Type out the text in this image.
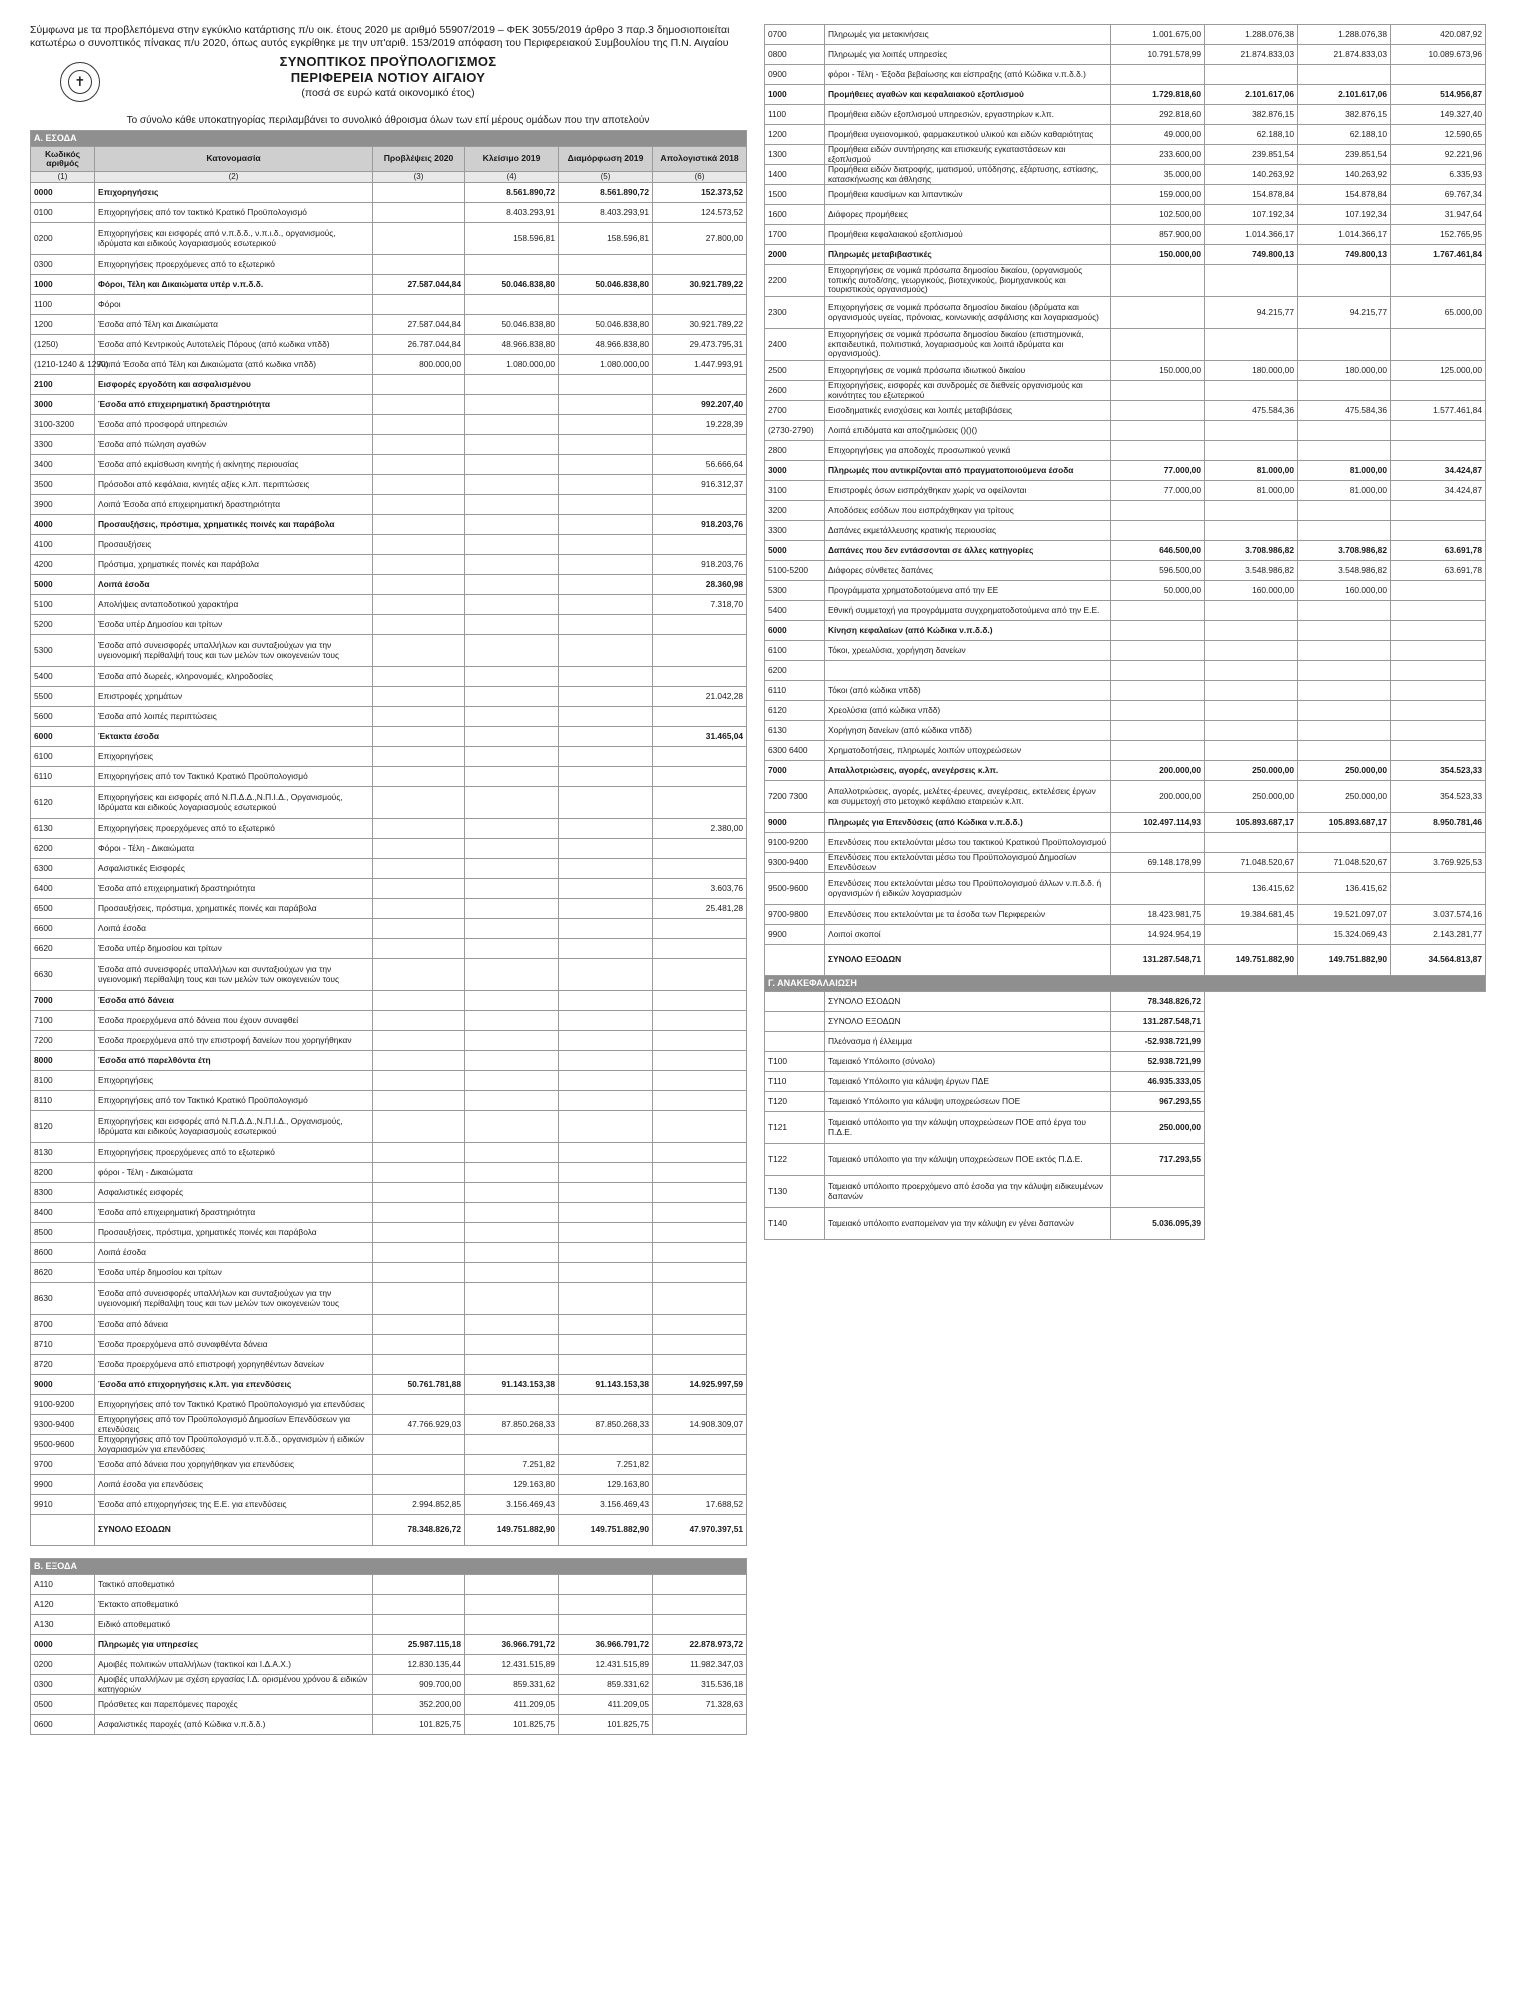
Σύμφωνα με τα προβλεπόμενα στην εγκύκλιο κατάρτισης π/υ οικ. έτους 2020 με αριθμό 55907/2019 – ΦΕΚ 3055/2019 άρθρο 3 παρ.3 δημοσιοποιείται κατωτέρω ο συνοπτικός πίνακας π/υ 2020, όπως αυτός εγκρίθηκε με την υπ'αριθ. 153/2019 απόφαση του Περιφερειακού Συμβουλίου της Π.Ν. Αιγαίου

✝
ΣΥΝΟΠΤΙΚΟΣ ΠΡΟΫΠΟΛΟΓΙΣΜΟΣ
ΠΕΡΙΦΕΡΕΙΑ ΝΟΤΙΟΥ ΑΙΓΑΙΟΥ
(ποσά σε ευρώ κατά οικονομικό έτος)
Το σύνολο κάθε υποκατηγορίας περιλαμβάνει το συνολικό άθροισμα όλων των επί μέρους ομάδων που την αποτελούν
Α. ΕΣΟΔΑ					
Κωδικός αριθμός	Κατονομασία	Προβλέψεις 2020	Κλείσιμο 2019	Διαμόρφωση 2019	Απολογιστικά 2018
(1)	(2)	(3)	(4)	(5)	(6)
0000	Επιχορηγήσεις		8.561.890,72	8.561.890,72	152.373,52
0100	Επιχορηγήσεις από τον τακτικό Κρατικό Προϋπολογισμό		8.403.293,91	8.403.293,91	124.573,52
0200	Επιχορηγήσεις και εισφορές από ν.π.δ.δ., ν.π.ι.δ., οργανισμούς, ιδρύματα και ειδικούς λογαριασμούς εσωτερικού		158.596,81	158.596,81	27.800,00
0300	Επιχορηγήσεις προερχόμενες από το εξωτερικό				
1000	Φόροι, Τέλη και Δικαιώματα υπέρ ν.π.δ.δ.	27.587.044,84	50.046.838,80	50.046.838,80	30.921.789,22
1100	Φόροι				
1200	Έσοδα από Τέλη και Δικαιώματα	27.587.044,84	50.046.838,80	50.046.838,80	30.921.789,22
(1250)	Έσοδα από Κεντρικούς Αυτοτελείς Πόρους (από κωδικα νπδδ)	26.787.044,84	48.966.838,80	48.966.838,80	29.473.795,31
(1210-1240 & 1290)	Λοιπά Έσοδα από Τέλη και Δικαιώματα (από κωδικα νπδδ)	800.000,00	1.080.000,00	1.080.000,00	1.447.993,91
2100	Εισφορές εργοδότη και ασφαλισμένου				
3000	Έσοδα από επιχειρηματική δραστηριότητα				992.207,40
3100-3200	Έσοδα από προσφορά υπηρεσιών				19.228,39
3300	Έσοδα από πώληση αγαθών				
3400	Έσοδα από εκμίσθωση κινητής ή ακίνητης περιουσίας				56.666,64
3500	Πρόσοδοι από κεφάλαια, κινητές αξίες κ.λπ. περιπτώσεις				916.312,37
3900	Λοιπά Έσοδα από επιχειρηματική δραστηριότητα				
4000	Προσαυξήσεις, πρόστιμα, χρηματικές ποινές και παράβολα				918.203,76
4100	Προσαυξήσεις				
4200	Πρόστιμα, χρηματικές ποινές και παράβολα				918.203,76
5000	Λοιπά έσοδα				28.360,98
5100	Απολήψεις ανταποδοτικού χαρακτήρα				7.318,70
5200	Έσοδα υπέρ Δημοσίου και τρίτων				
5300	Έσοδα από συνεισφορές υπαλλήλων και συνταξιούχων για την υγειονομική περίθαλψή τους και των μελών των οικογενειών τους				
5400	Έσοδα από δωρεές, κληρονομιές, κληροδοσίες				
5500	Επιστροφές χρημάτων				21.042,28
5600	Έσοδα από λοιπές περιπτώσεις				
6000	Έκτακτα έσοδα				31.465,04
6100	Επιχορηγήσεις				
6110	Επιχορηγήσεις από τον Τακτικό Κρατικό Προϋπολογισμό				
6120	Επιχορηγήσεις και εισφορές από Ν.Π.Δ.Δ.,Ν.Π.Ι.Δ., Οργανισμούς, Ιδρύματα και ειδικούς λογαριασμούς εσωτερικού				
6130	Επιχορηγήσεις προερχόμενες από το εξωτερικό				2.380,00
6200	Φόροι - Τέλη - Δικαιώματα				
6300	Ασφαλιστικές Εισφορές				
6400	Έσοδα από επιχειρηματική δραστηριότητα				3.603,76
6500	Προσαυξήσεις, πρόστιμα, χρηματικές ποινές και παράβολα				25.481,28
6600	Λοιπά έσοδα				
6620	Έσοδα υπέρ δημοσίου και τρίτων				
6630	Έσοδα από συνεισφορές υπαλλήλων και συνταξιούχων για την υγειονομική περίθαλψη τους και των μελών των οικογενειών τους				
7000	Έσοδα από δάνεια				
7100	Έσοδα προερχόμενα από δάνεια που έχουν συναφθεί				
7200	Έσοδα προερχόμενα από την επιστροφή δανείων που χορηγήθηκαν				
8000	Έσοδα από παρελθόντα έτη				
8100	Επιχορηγήσεις				
8110	Επιχορηγήσεις από τον Τακτικό Κρατικό Προϋπολογισμό				
8120	Επιχορηγήσεις και εισφορές από Ν.Π.Δ.Δ.,Ν.Π.Ι.Δ., Οργανισμούς, Ιδρύματα και ειδικούς λογαριασμούς εσωτερικού				
8130	Επιχορηγήσεις προερχόμενες από το εξωτερικό				
8200	φόροι - Τέλη - Δικαιώματα				
8300	Ασφαλιστικές εισφορές				
8400	Έσοδα από επιχειρηματική δραστηριότητα				
8500	Προσαυξήσεις, πρόστιμα, χρηματικές ποινές και παράβολα				
8600	Λοιπά έσοδα				
8620	Έσοδα υπέρ δημοσίου και τρίτων				
8630	Έσοδα από συνεισφορές υπαλλήλων και συνταξιούχων για την υγειονομική περίθαλψη τους και των μελών των οικογενειών τους				
8700	Έσοδα από δάνεια				
8710	Έσοδα προερχόμενα από συναφθέντα δάνεια				
8720	Έσοδα προερχόμενα από επιστροφή χορηγηθέντων δανείων				
9000	Έσοδα από επιχορηγήσεις κ.λπ. για επενδύσεις	50.761.781,88	91.143.153,38	91.143.153,38	14.925.997,59
9100-9200	Επιχορηγήσεις από τον Τακτικό Κρατικό Προϋπολογισμό για επενδύσεις				
9300-9400	Επιχορηγήσεις από τον Προϋπολογισμό Δημοσίων Επενδύσεων για επενδύσεις	47.766.929,03	87.850.268,33	87.850.268,33	14.908.309,07
9500-9600	Επιχορηγήσεις από τον Προϋπολογισμό ν.π.δ.δ., οργανισμών ή ειδικών λογαριασμών για επενδύσεις				
9700	Έσοδα από δάνεια που χορηγήθηκαν για επενδύσεις		7.251,82	7.251,82	
9900	Λοιπά έσοδα για επενδύσεις		129.163,80	129.163,80	
9910	Έσοδα από επιχορηγήσεις της Ε.Ε. για επενδύσεις	2.994.852,85	3.156.469,43	3.156.469,43	17.688,52
	ΣΥΝΟΛΟ ΕΣΟΔΩΝ	78.348.826,72	149.751.882,90	149.751.882,90	47.970.397,51
Β. ΕΞΟΔΑ					
Α110	Τακτικό αποθεματικό				
Α120	Έκτακτο αποθεματικό				
Α130	Ειδικό αποθεματικό				
0000	Πληρωμές για υπηρεσίες	25.987.115,18	36.966.791,72	36.966.791,72	22.878.973,72
0200	Αμοιβές πολιτικών υπαλλήλων (τακτικοί και Ι.Δ.Α.Χ.)	12.830.135,44	12.431.515,89	12.431.515,89	11.982.347,03
0300	Αμοιβές υπαλλήλων με σχέση εργασίας Ι.Δ. ορισμένου χρόνου & ειδικών κατηγοριών	909.700,00	859.331,62	859.331,62	315.536,18
0500	Πρόσθετες και παρεπόμενες παροχές	352.200,00	411.209,05	411.209,05	71.328,63
0600	Ασφαλιστικές παροχές (από Κώδικα ν.π.δ.δ.)	101.825,75	101.825,75	101.825,75	
0700	Πληρωμές για μετακινήσεις	1.001.675,00	1.288.076,38	1.288.076,38	420.087,92
0800	Πληρωμές για λοιπές υπηρεσίες	10.791.578,99	21.874.833,03	21.874.833,03	10.089.673,96
0900	φόροι - Τέλη - Έξοδα βεβαίωσης και είσπραξης (από Κώδικα ν.π.δ.δ.)				
1000	Προμήθειες αγαθών και κεφαλαιακού εξοπλισμού	1.729.818,60	2.101.617,06	2.101.617,06	514.956,87
1100	Προμήθεια ειδών εξοπλισμού υπηρεσιών, εργαστηρίων κ.λπ.	292.818,60	382.876,15	382.876,15	149.327,40
1200	Προμήθεια υγειονομικού, φαρμακευτικού υλικού και ειδών καθαριότητας	49.000,00	62.188,10	62.188,10	12.590,65
1300	Προμήθεια ειδών συντήρησης και επισκευής εγκαταστάσεων και εξοπλισμού	233.600,00	239.851,54	239.851,54	92.221,96
1400	Προμήθεια ειδών διατροφής, ιματισμού, υπόδησης, εξάρτυσης, εστίασης, κατασκήνωσης και άθλησης	35.000,00	140.263,92	140.263,92	6.335,93
1500	Προμήθεια καυσίμων και λιπαντικών	159.000,00	154.878,84	154.878,84	69.767,34
1600	Διάφορες προμήθειες	102.500,00	107.192,34	107.192,34	31.947,64
1700	Προμήθεια κεφαλαιακού εξοπλισμού	857.900,00	1.014.366,17	1.014.366,17	152.765,95
2000	Πληρωμές μεταβιβαστικές	150.000,00	749.800,13	749.800,13	1.767.461,84
2200	Επιχορηγήσεις σε νομικά πρόσωπα δημοσίου δικαίου, (οργανισμούς τοπικής αυτοδ/σης, γεωργικούς, βιοτεχνικούς, βιομηχανικούς και τουριστικούς οργανισμούς)				
2300	Επιχορηγήσεις σε νομικά πρόσωπα δημοσίου δικαίου (ιδρύματα και οργανισμούς υγείας, πρόνοιας, κοινωνικής ασφάλισης και λογαριασμούς)		94.215,77	94.215,77	65.000,00
2400	Επιχορηγήσεις σε νομικά πρόσωπα δημοσίου δικαίου (επιστημονικά, εκπαιδευτικά, πολιτιστικά, λογαριασμούς και λοιπά ιδρύματα και οργανισμούς).				
2500	Επιχορηγήσεις σε νομικά πρόσωπα ιδιωτικού δικαίου	150.000,00	180.000,00	180.000,00	125.000,00
2600	Επιχορηγήσεις, εισφορές και συνδρομές σε διεθνείς οργανισμούς και κοινότητες του εξωτερικού				
2700	Εισοδηματικές ενισχύσεις και λοιπές μεταβιβάσεις		475.584,36	475.584,36	1.577.461,84
(2730-2790)	Λοιπά επιδόματα και αποζημιώσεις ()()()				
2800	Επιχορηγήσεις για αποδοχές προσωπικού γενικά				
3000	Πληρωμές που αντικρίζονται από πραγματοποιούμενα έσοδα	77.000,00	81.000,00	81.000,00	34.424,87
3100	Επιστροφές όσων εισπράχθηκαν χωρίς να οφείλονται	77.000,00	81.000,00	81.000,00	34.424,87
3200	Αποδόσεις εσόδων που εισπράχθηκαν για τρίτους				
3300	Δαπάνες εκμετάλλευσης κρατικής περιουσίας				
5000	Δαπάνες που δεν εντάσσονται σε άλλες κατηγορίες	646.500,00	3.708.986,82	3.708.986,82	63.691,78
5100-5200	Διάφορες σύνθετες δαπάνες	596.500,00	3.548.986,82	3.548.986,82	63.691,78
5300	Προγράμματα χρηματοδοτούμενα από την ΕΕ	50.000,00	160.000,00	160.000,00	
5400	Εθνική συμμετοχή για προγράμματα συγχρηματοδοτούμενα από την Ε.Ε.				
6000	Κίνηση κεφαλαίων (από Κώδικα ν.π.δ.δ.)				
6100	Τόκοι, χρεωλύσια, χορήγηση δανείων				
6200					
6110	Τόκοι (από κώδικα νπδδ)				
6120	Χρεολύσια (από κώδικα νπδδ)				
6130	Χορήγηση δανείων (από κώδικα νπδδ)				
6300 6400	Χρηματοδοτήσεις, πληρωμές λοιπών υποχρεώσεων				
7000	Απαλλοτριώσεις, αγορές, ανεγέρσεις κ.λπ.	200.000,00	250.000,00	250.000,00	354.523,33
7200 7300	Απαλλοτριώσεις, αγορές, μελέτες-έρευνες, ανεγέρσεις, εκτελέσεις έργων και συμμετοχή στο μετοχικό κεφάλαιο εταιρειών κ.λπ.	200.000,00	250.000,00	250.000,00	354.523,33
9000	Πληρωμές για Επενδύσεις (από Κώδικα ν.π.δ.δ.)	102.497.114,93	105.893.687,17	105.893.687,17	8.950.781,46
9100-9200	Επενδύσεις που εκτελούνται μέσω του τακτικού Κρατικού Προϋπολογισμού				
9300-9400	Επενδύσεις που εκτελούνται μέσω του Προϋπολογισμού Δημοσίων Επενδύσεων	69.148.178,99	71.048.520,67	71.048.520,67	3.769.925,53
9500-9600	Επενδύσεις που εκτελούνται μέσω του Προϋπολογισμού άλλων ν.π.δ.δ. ή οργανισμών ή ειδικών λογαριασμών		136.415,62	136.415,62	
9700-9800	Επενδύσεις που εκτελούνται με τα έσοδα των Περιφερειών	18.423.981,75	19.384.681,45	19.521.097,07	3.037.574,16
9900	Λοιποί σκοποί	14.924.954,19		15.324.069,43	2.143.281,77
	ΣΥΝΟΛΟ ΕΞΟΔΩΝ	131.287.548,71	149.751.882,90	149.751.882,90	34.564.813,87
Γ. ΑΝΑΚΕΦΑΛΑΙΩΣΗ					
	ΣΥΝΟΛΟ ΕΣΟΔΩΝ	78.348.826,72			
	ΣΥΝΟΛΟ ΕΞΟΔΩΝ	131.287.548,71			
	Πλεόνασμα ή έλλειμμα	-52.938.721,99			
Τ100	Ταμειακό Υπόλοιπο (σύνολο)	52.938.721,99			
Τ110	Ταμειακό Υπόλοιπο για κάλυψη έργων ΠΔΕ	46.935.333,05			
Τ120	Ταμειακό Υπόλοιπο για κάλυψη υποχρεώσεων ΠΟΕ	967.293,55			
Τ121	Ταμειακό υπόλοιπο για την κάλυψη υποχρεώσεων ΠΟΕ από έργα του Π.Δ.Ε.	250.000,00			
Τ122	Ταμειακό υπόλοιπο για την κάλυψη υποχρεώσεων ΠΟΕ εκτός Π.Δ.Ε.	717.293,55			
Τ130	Ταμειακό υπόλοιπο προερχόμενο από έσοδα για την κάλυψη ειδικευμένων δαπανών				
Τ140	Ταμειακό υπόλοιπο εναπομείναν για την κάλυψη εν γένει δαπανών	5.036.095,39			
